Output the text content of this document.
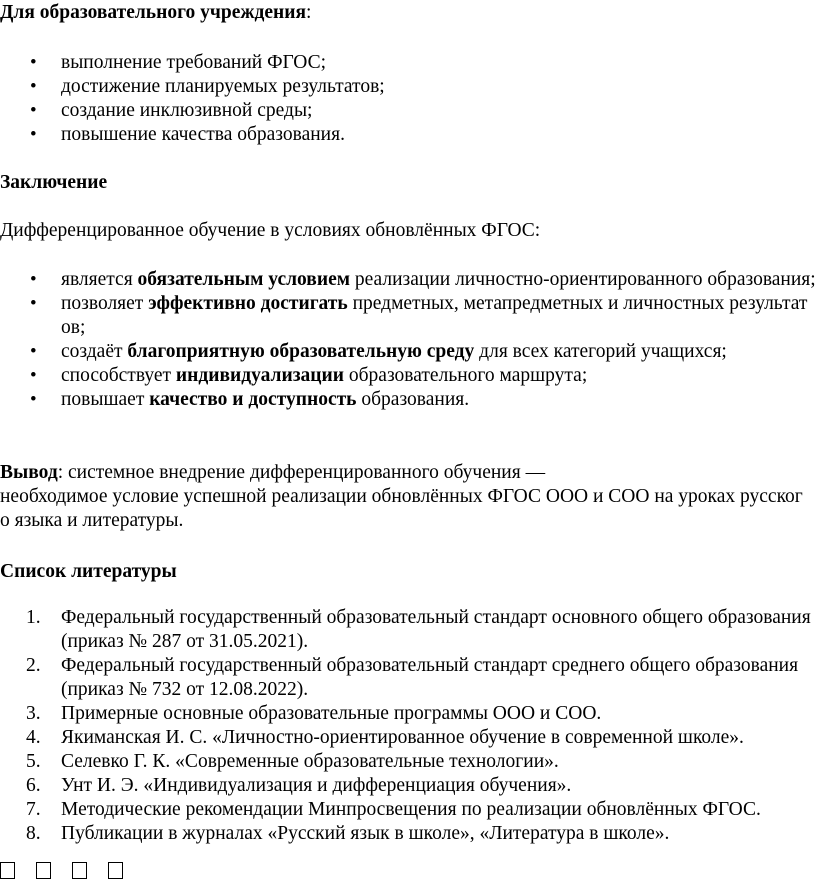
Для образовательного учреждения:

• выполнение требований ФГОС;
• достижение планируемых результатов;
• создание инклюзивной среды;
• повышение качества образования.

Заключение

Дифференцированное обучение в условиях обновлённых ФГОС:

• является обязательным условием реализации личностно-ориентированного образования;
• позволяет эффективно достигать предметных, метапредметных и личностных результатов;
• создаёт благоприятную образовательную среду для всех категорий учащихся;
• способствует индивидуализации образовательного маршрута;
• повышает качество и доступность образования.

Вывод: системное внедрение дифференцированного обучения —

необходимое условие успешной реализации обновлённых ФГОС ООО и СОО на уроках русского языка и литературы.

Список литературы

1. Федеральный государственный образовательный стандарт основного общего образования (приказ № 287 от 31.05.2021).
2. Федеральный государственный образовательный стандарт среднего общего образования (приказ № 732 от 12.08.2022).
3. Примерные основные образовательные программы ООО и СОО.
4. Якиманская И. С. «Личностно-ориентированное обучение в современной школе».
5. Селевко Г. К. «Современные образовательные технологии».
6. Унт И. Э. «Индивидуализация и дифференциация обучения».
7. Методические рекомендации Минпросвещения по реализации обновлённых ФГОС.
8. Публикации в журналах «Русский язык в школе», «Литература в школе».
